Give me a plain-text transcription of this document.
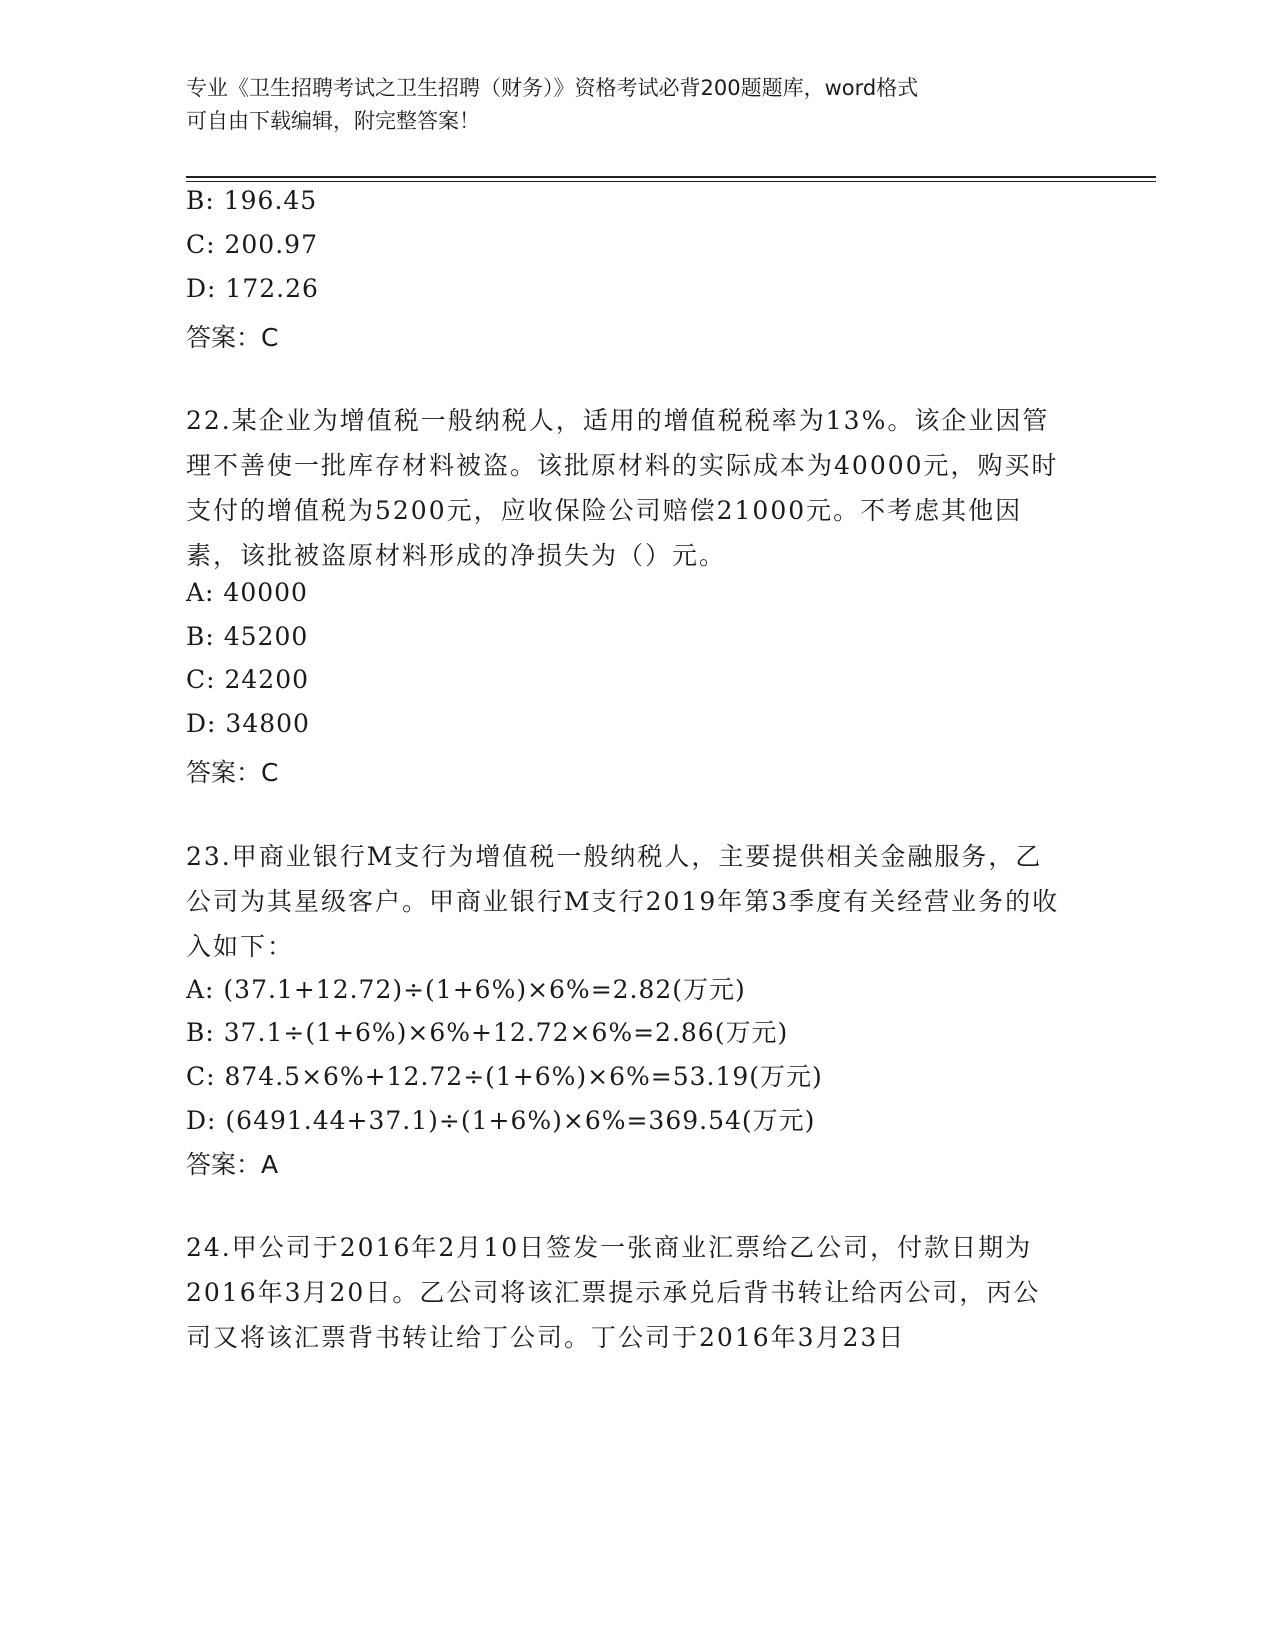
专业《卫生招聘考试之卫生招聘（财务）》资格考试必背200题题库，word格式
可自由下载编辑，附完整答案！
B: 196.45
C: 200.97
D: 172.26
答案：C
22.某企业为增值税一般纳税人，适用的增值税税率为13%。该企业因管理不善使一批库存材料被盗。该批原材料的实际成本为40000元，购买时支付的增值税为5200元，应收保险公司赔偿21000元。不考虑其他因素，该批被盗原材料形成的净损失为（）元。
A: 40000
B: 45200
C: 24200
D: 34800
答案：C
23.甲商业银行M支行为增值税一般纳税人，主要提供相关金融服务，乙公司为其星级客户。甲商业银行M支行2019年第3季度有关经营业务的收入如下：
A: (37.1+12.72)÷(1+6%)×6%=2.82(万元)
B: 37.1÷(1+6%)×6%+12.72×6%=2.86(万元)
C: 874.5×6%+12.72÷(1+6%)×6%=53.19(万元)
D: (6491.44+37.1)÷(1+6%)×6%=369.54(万元)
答案：A
24.甲公司于2016年2月10日签发一张商业汇票给乙公司，付款日期为2016年3月20日。乙公司将该汇票提示承兑后背书转让给丙公司，丙公司又将该汇票背书转让给丁公司。丁公司于2016年3月23日
